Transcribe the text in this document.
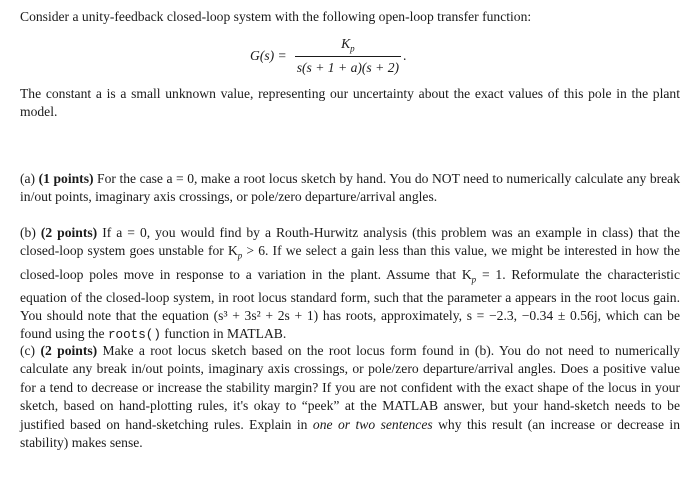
Consider a unity-feedback closed-loop system with the following open-loop transfer function:
$G(s) = \frac{K_p}{s(s + 1 + a)(s + 2)}$ .
The constant a is a small unknown value, representing our uncertainty about the exact values of this pole in the plant model.
(a) (1 points) For the case a = 0, make a root locus sketch by hand. You do NOT need to numerically calculate any break in/out points, imaginary axis crossings, or pole/zero departure/arrival angles.
(b) (2 points) If a = 0, you would find by a Routh-Hurwitz analysis (this problem was an example in class) that the closed-loop system goes unstable for $K_p > 6$. If we select a gain less than this value, we might be interested in how the closed-loop poles move in response to a variation in the plant. Assume that $K_p = 1$. Reformulate the characteristic equation of the closed-loop system, in root locus standard form, such that the parameter a appears in the root locus gain. You should note that the equation (s³ + 3s² + 2s + 1) has roots, approximately, s = −2.3, −0.34 ± 0.56j, which can be found using the roots() function in MATLAB.
(c) (2 points) Make a root locus sketch based on the root locus form found in (b). You do not need to numerically calculate any break in/out points, imaginary axis crossings, or pole/zero departure/arrival angles. Does a positive value for a tend to decrease or increase the stability margin? If you are not confident with the exact shape of the locus in your sketch, based on hand-plotting rules, it's okay to “peek” at the MATLAB answer, but your hand-sketch needs to be justified based on hand-sketching rules. Explain in one or two sentences why this result (an increase or decrease in stability) makes sense.
